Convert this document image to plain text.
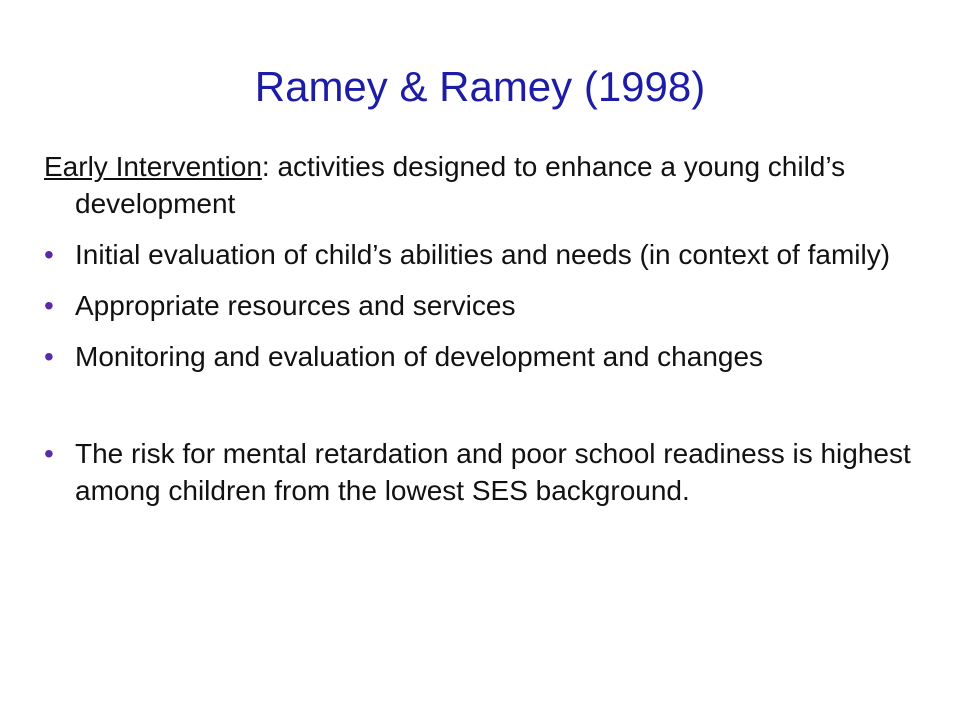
Ramey & Ramey (1998)

Early Intervention: activities designed to enhance a young child’s development

• Initial evaluation of child’s abilities and needs (in context of family)
• Appropriate resources and services
• Monitoring and evaluation of development and changes
• The risk for mental retardation and poor school readiness is highest among children from the lowest SES background.
